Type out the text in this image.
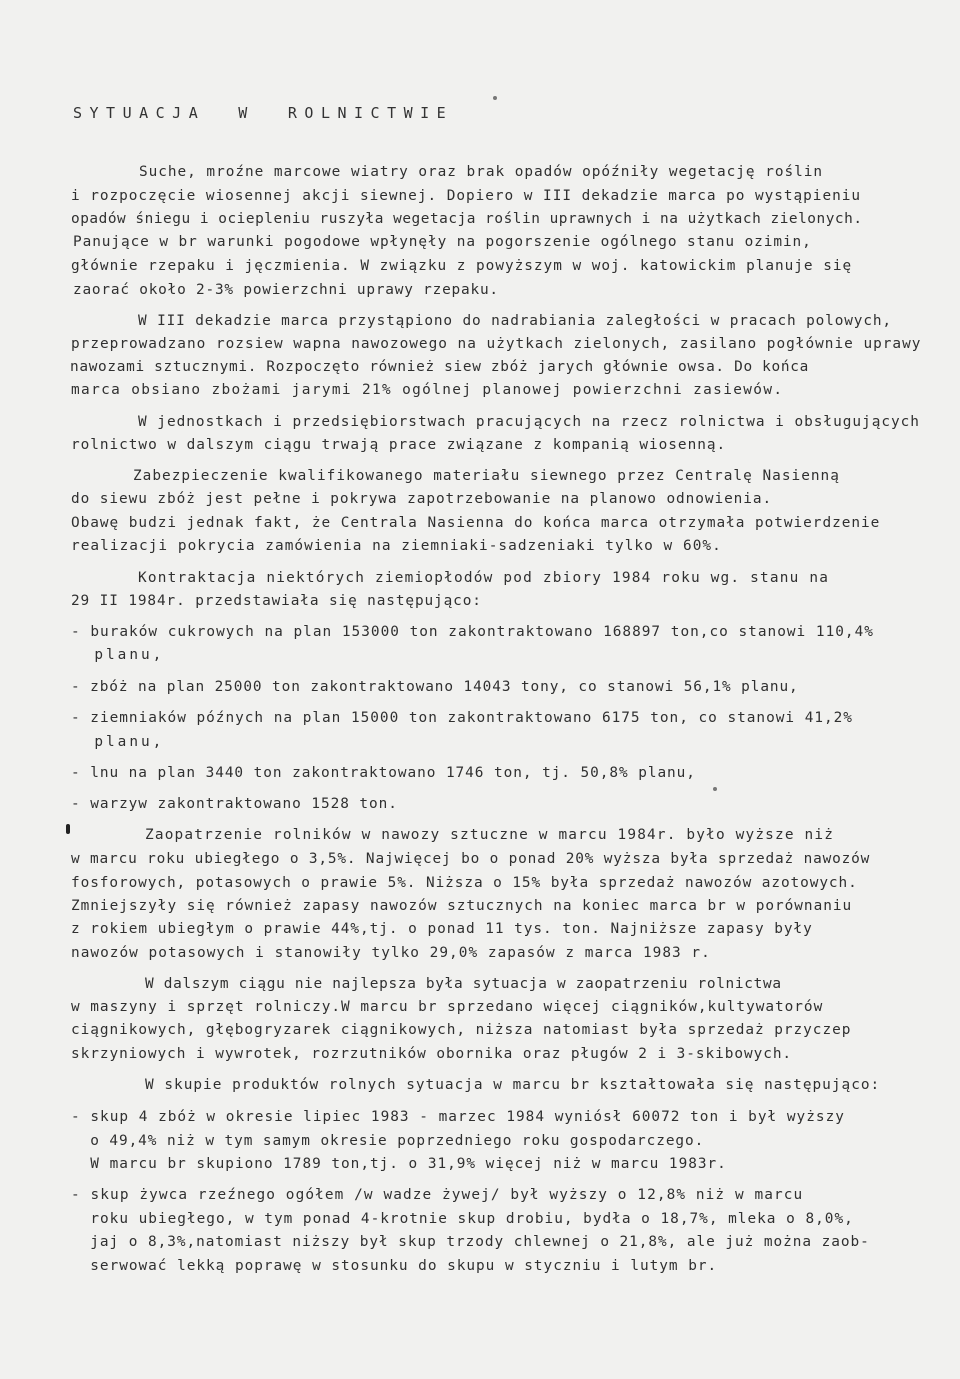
SYTUACJA  W  ROLNICTWIE
Suche, mroźne marcowe wiatry oraz brak opadów opóźniły wegetację roślin
i rozpoczęcie wiosennej akcji siewnej. Dopiero w III dekadzie marca po wystąpieniu
opadów śniegu i ociepleniu ruszyła wegetacja roślin uprawnych i na użytkach zielonych.
Panujące w br warunki pogodowe wpłynęły na pogorszenie ogólnego stanu ozimin,
głównie rzepaku i jęczmienia. W związku z powyższym w woj. katowickim planuje się
zaorać około 2-3% powierzchni uprawy rzepaku.
W III dekadzie marca przystąpiono do nadrabiania zaległości w pracach polowych,
przeprowadzano rozsiew wapna nawozowego na użytkach zielonych, zasilano pogłównie uprawy
nawozami sztucznymi. Rozpoczęto również siew zbóż jarych głównie owsa. Do końca
marca obsiano zbożami jarymi 21% ogólnej planowej powierzchni zasiewów.
W jednostkach i przedsiębiorstwach pracujących na rzecz rolnictwa i obsługujących
rolnictwo w dalszym ciągu trwają prace związane z kompanią wiosenną.
Zabezpieczenie kwalifikowanego materiału siewnego przez Centralę Nasienną
do siewu zbóż jest pełne i pokrywa zapotrzebowanie na planowo odnowienia.
Obawę budzi jednak fakt, że Centrala Nasienna do końca marca otrzymała potwierdzenie
realizacji pokrycia zamówienia na ziemniaki-sadzeniaki tylko w 60%.
Kontraktacja niektórych ziemiopłodów pod zbiory 1984 roku wg. stanu na
29 II 1984r. przedstawiała się następująco:
- buraków cukrowych na plan 153000 ton zakontraktowano 168897 ton,co stanowi 110,4%
planu,
- zbóż na plan 25000 ton zakontraktowano 14043 tony, co stanowi 56,1% planu,
- ziemniaków późnych na plan 15000 ton zakontraktowano 6175 ton, co stanowi 41,2%
planu,
- lnu na plan 3440 ton zakontraktowano 1746 ton, tj. 50,8% planu,
- warzyw zakontraktowano 1528 ton.
Zaopatrzenie rolników w nawozy sztuczne w marcu 1984r. było wyższe niż
w marcu roku ubiegłego o 3,5%. Najwięcej bo o ponad 20% wyższa była sprzedaż nawozów
fosforowych, potasowych o prawie 5%. Niższa o 15% była sprzedaż nawozów azotowych.
Zmniejszyły się również zapasy nawozów sztucznych na koniec marca br w porównaniu
z rokiem ubiegłym o prawie 44%,tj. o ponad 11 tys. ton. Najniższe zapasy były
nawozów potasowych i stanowiły tylko 29,0% zapasów z marca 1983 r.
W dalszym ciągu nie najlepsza była sytuacja w zaopatrzeniu rolnictwa
w maszyny i sprzęt rolniczy.W marcu br sprzedano więcej ciągników,kultywatorów
ciągnikowych, głębogryzarek ciągnikowych, niższa natomiast była sprzedaż przyczep
skrzyniowych i wywrotek, rozrzutników obornika oraz pługów 2 i 3-skibowych.
W skupie produktów rolnych sytuacja w marcu br kształtowała się następująco:
- skup 4 zbóż w okresie lipiec 1983 - marzec 1984 wyniósł 60072 ton i był wyższy
o 49,4% niż w tym samym okresie poprzedniego roku gospodarczego.
W marcu br skupiono 1789 ton,tj. o 31,9% więcej niż w marcu 1983r.
- skup żywca rzeźnego ogółem /w wadze żywej/ był wyższy o 12,8% niż w marcu
roku ubiegłego, w tym ponad 4-krotnie skup drobiu, bydła o 18,7%, mleka o 8,0%,
jaj o 8,3%,natomiast niższy był skup trzody chlewnej o 21,8%, ale już można zaob-
serwować lekką poprawę w stosunku do skupu w styczniu i lutym br.
